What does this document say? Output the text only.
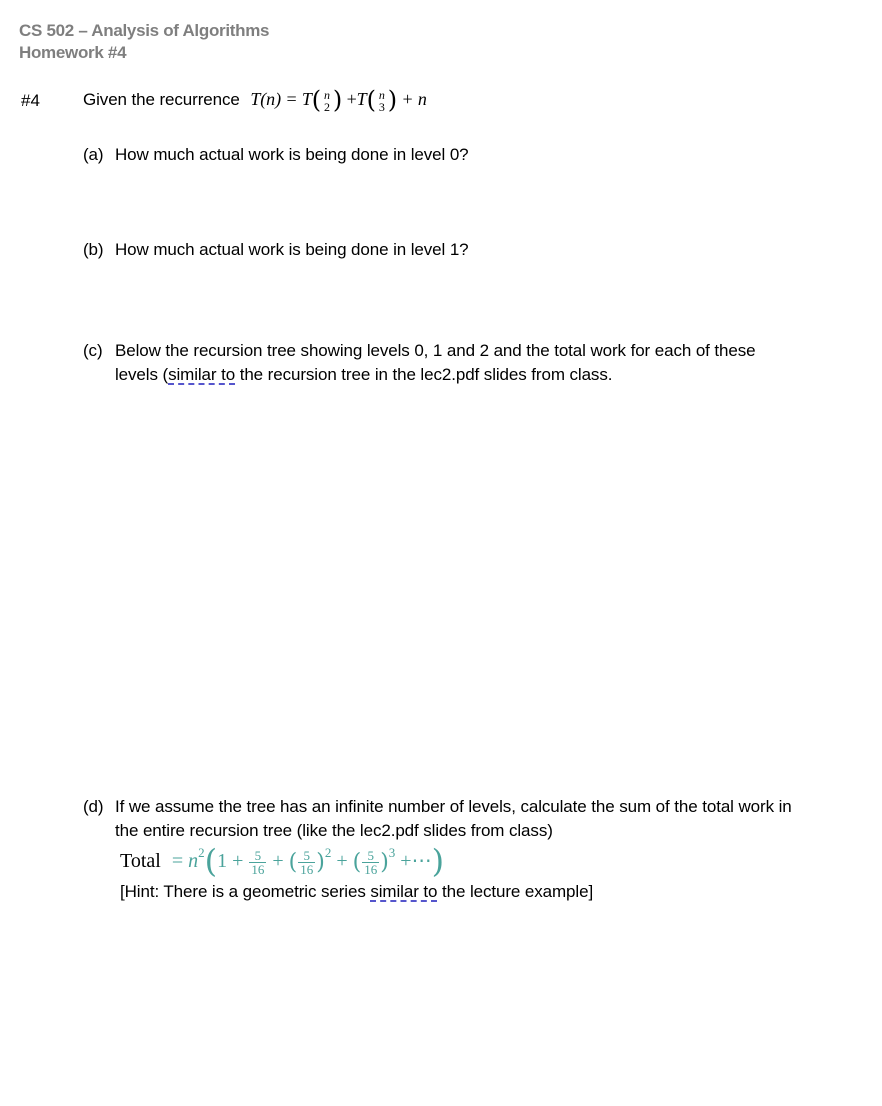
CS 502 – Analysis of Algorithms
Homework #4
#4	Given the recurrence T(n) = T( n
2 ) +T( n
3 ) + n
(a) How much actual work is being done in level 0?
(b) How much actual work is being done in level 1?
(c) Below the recursion tree showing levels 0, 1 and 2 and the total work for each of these
levels (similar to the recursion tree in the lec2.pdf slides from class.
(d) If we assume the tree has an infinite number of levels, calculate the sum of the total work in
the entire recursion tree (like the lec2.pdf slides from class)
Total = $n^2(1 + \frac{5}{16}$ + ( $\frac{5}{16} )^2$ + ( $\frac{5}{16} )^3$ +⋯)
[Hint: There is a geometric series similar to the lecture example]
